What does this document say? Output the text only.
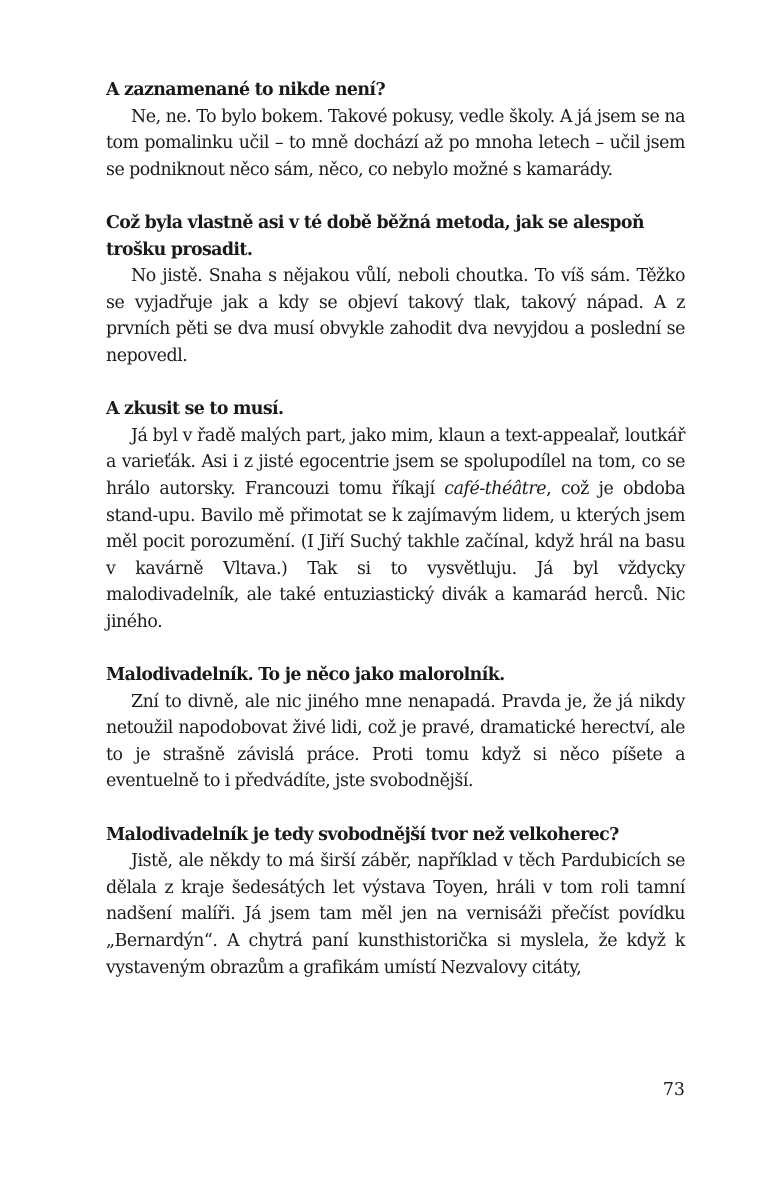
A zaznamenané to nikde není?

Ne, ne. To bylo bokem. Takové pokusy, vedle školy. A já jsem se na tom pomalinku učil – to mně dochází až po mnoha letech – učil jsem se podniknout něco sám, něco, co nebylo možné s kamarády.

Což byla vlastně asi v té době běžná metoda, jak se alespoň trošku prosadit.

No jistě. Snaha s nějakou vůlí, neboli choutka. To víš sám. Těžko se vyjadřuje jak a kdy se objeví takový tlak, takový nápad. A z prvních pěti se dva musí obvykle zahodit dva nevyjdou a poslední se nepovedl.

A zkusit se to musí.

Já byl v řadě malých part, jako mim, klaun a text-appealař, loutkář a varieťák. Asi i z jisté egocentrie jsem se spolupodílel na tom, co se hrálo autorsky. Francouzi tomu říkají café-théâtre, což je obdoba stand-upu. Bavilo mě přimotat se k zajímavým lidem, u kterých jsem měl pocit porozumění. (I Jiří Suchý takhle začínal, když hrál na basu v kavárně Vltava.) Tak si to vysvětluju. Já byl vždycky malodivadelník, ale také entuziastický divák a kamarád herců. Nic jiného.

Malodivadelník. To je něco jako malorolník.

Zní to divně, ale nic jiného mne nenapadá. Pravda je, že já nikdy netoužil napodobovat živé lidi, což je pravé, dramatické herectví, ale to je strašně závislá práce. Proti tomu když si něco píšete a eventuelně to i předvádíte, jste svobodnější.

Malodivadelník je tedy svobodnější tvor než velkoherec?

Jistě, ale někdy to má širší záběr, například v těch Pardubicích se dělala z kraje šedesátých let výstava Toyen, hráli v tom roli tamní nadšení malíři. Já jsem tam měl jen na vernisáži přečíst povídku „Bernardýn“. A chytrá paní kunsthistorička si myslela, že když k vystaveným obrazům a grafikám umístí Nezvalovy citáty,

73
